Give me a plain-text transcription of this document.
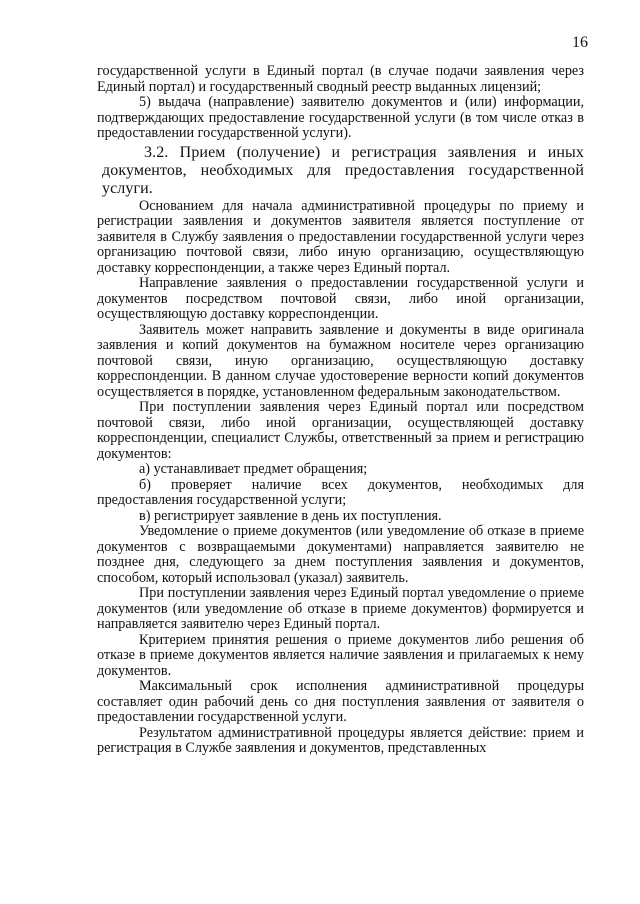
16

государственной услуги в Единый портал (в случае подачи заявления через Единый портал) и государственный сводный реестр выданных лицензий;

5) выдача (направление) заявителю документов и (или) информации, подтверждающих предоставление государственной услуги (в том числе отказ в предоставлении государственной услуги).

3.2. Прием (получение) и регистрация заявления и иных документов, необходимых для предоставления государственной услуги.

Основанием для начала административной процедуры по приему и регистрации заявления и документов заявителя является поступление от заявителя в Службу заявления о предоставлении государственной услуги через организацию почтовой связи, либо иную организацию, осуществляющую доставку корреспонденции, а также через Единый портал.

Направление заявления о предоставлении государственной услуги и документов посредством почтовой связи, либо иной организации, осуществляющую доставку корреспонденции.

Заявитель может направить заявление и документы в виде оригинала заявления и копий документов на бумажном носителе через организацию почтовой связи, иную организацию, осуществляющую доставку корреспонденции. В данном случае удостоверение верности копий документов осуществляется в порядке, установленном федеральным законодательством.

При поступлении заявления через Единый портал или посредством почтовой связи, либо иной организации, осуществляющей доставку корреспонденции, специалист Службы, ответственный за прием и регистрацию документов:

а) устанавливает предмет обращения;

б) проверяет наличие всех документов, необходимых для предоставления государственной услуги;

в) регистрирует заявление в день их поступления.

Уведомление о приеме документов (или уведомление об отказе в приеме документов с возвращаемыми документами) направляется заявителю не позднее дня, следующего за днем поступления заявления и документов, способом, который использовал (указал) заявитель.

При поступлении заявления через Единый портал уведомление о приеме документов (или уведомление об отказе в приеме документов) формируется и направляется заявителю через Единый портал.

Критерием принятия решения о приеме документов либо решения об отказе в приеме документов является наличие заявления и прилагаемых к нему документов.

Максимальный срок исполнения административной процедуры составляет один рабочий день со дня поступления заявления от заявителя о предоставлении государственной услуги.

Результатом административной процедуры является действие: прием и регистрация в Службе заявления и документов, представленных
